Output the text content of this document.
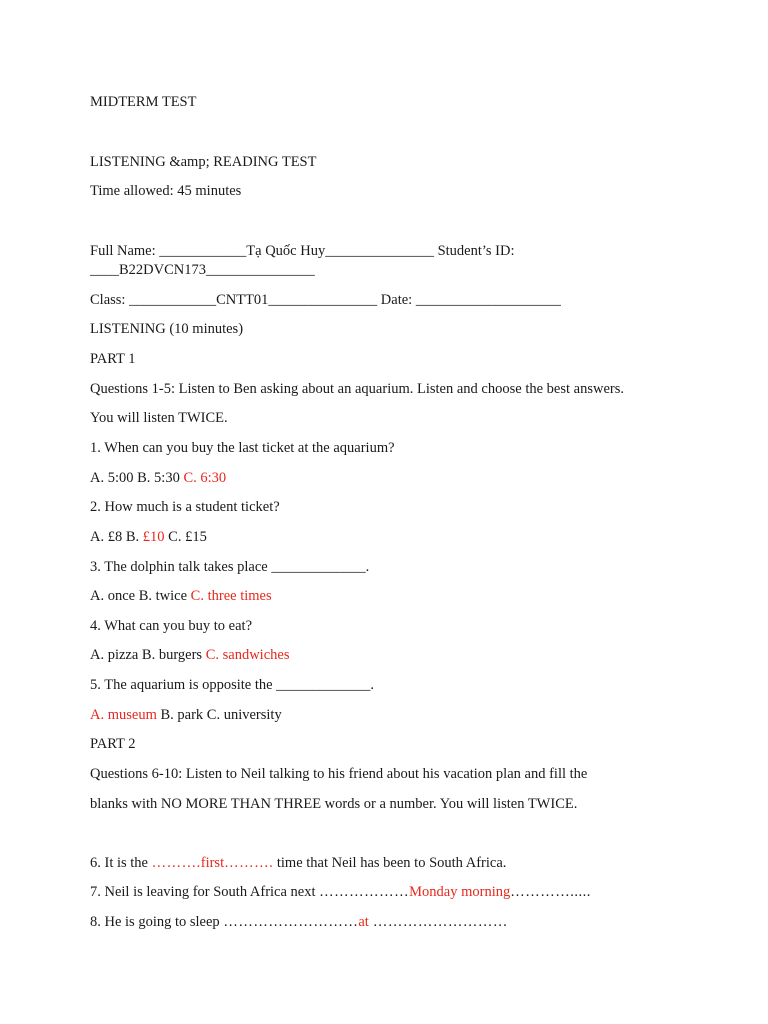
MIDTERM TEST
LISTENING &amp; READING TEST
Time allowed: 45 minutes
Full Name: ____________Tạ Quốc Huy_______________ Student’s ID:
____B22DVCN173_______________
Class: ____________CNTT01_______________ Date: ____________________
LISTENING (10 minutes)
PART 1
Questions 1-5: Listen to Ben asking about an aquarium. Listen and choose the best answers.
You will listen TWICE.
1. When can you buy the last ticket at the aquarium?
A. 5:00 B. 5:30 C. 6:30
2. How much is a student ticket?
A. £8 B. £10 C. £15
3. The dolphin talk takes place _____________.
A. once B. twice C. three times
4. What can you buy to eat?
A. pizza B. burgers C. sandwiches
5. The aquarium is opposite the _____________.
A. museum B. park C. university
PART 2
Questions 6-10: Listen to Neil talking to his friend about his vacation plan and fill the
blanks with NO MORE THAN THREE words or a number. You will listen TWICE.
6. It is the ……….first………. time that Neil has been to South Africa.
7. Neil is leaving for South Africa next ………………Monday morning………….....
8. He is going to sleep ………………………at ………………………
